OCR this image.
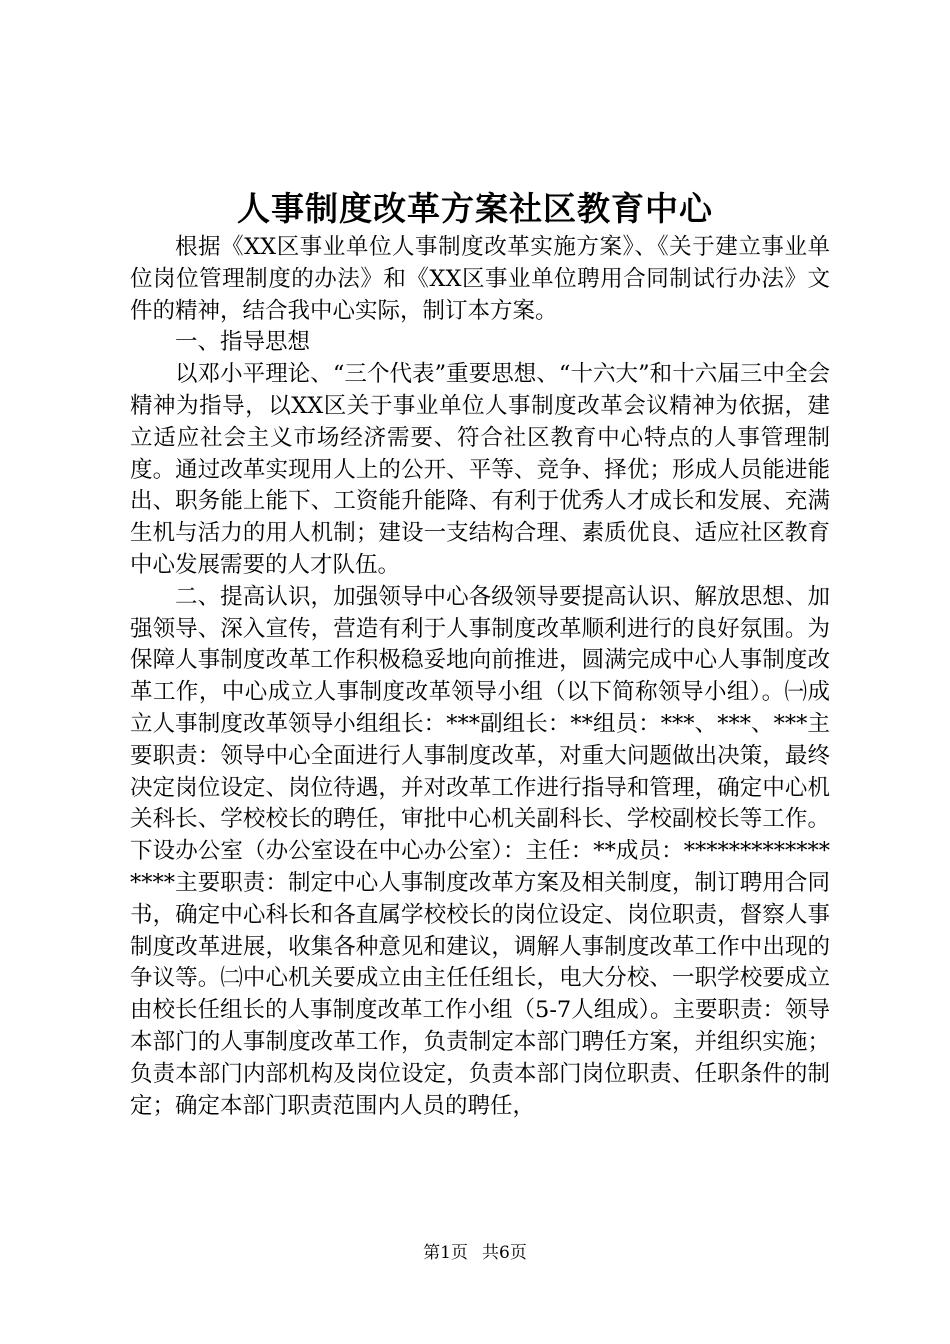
人事制度改革方案社区教育中心

根据《XX区事业单位人事制度改革实施方案》、《关于建立事业单位岗位管理制度的办法》和《XX区事业单位聘用合同制试行办法》文件的精神，结合我中心实际，制订本方案。

一、指导思想

以邓小平理论、“三个代表”重要思想、“十六大”和十六届三中全会精神为指导，以XX区关于事业单位人事制度改革会议精神为依据，建立适应社会主义市场经济需要、符合社区教育中心特点的人事管理制度。通过改革实现用人上的公开、平等、竞争、择优；形成人员能进能出、职务能上能下、工资能升能降、有利于优秀人才成长和发展、充满生机与活力的用人机制；建设一支结构合理、素质优良、适应社区教育中心发展需要的人才队伍。

二、提高认识，加强领导中心各级领导要提高认识、解放思想、加强领导、深入宣传，营造有利于人事制度改革顺利进行的良好氛围。为保障人事制度改革工作积极稳妥地向前推进，圆满完成中心人事制度改革工作，中心成立人事制度改革领导小组（以下简称领导小组）。㈠成立人事制度改革领导小组组长：***副组长：**组员：***、***、***主要职责：领导中心全面进行人事制度改革，对重大问题做出决策，最终决定岗位设定、岗位待遇，并对改革工作进行指导和管理，确定中心机关科长、学校校长的聘任，审批中心机关副科长、学校副校长等工作。下设办公室（办公室设在中心办公室）：主任：**成员：*****************主要职责：制定中心人事制度改革方案及相关制度，制订聘用合同书，确定中心科长和各直属学校校长的岗位设定、岗位职责，督察人事制度改革进展，收集各种意见和建议，调解人事制度改革工作中出现的争议等。㈡中心机关要成立由主任任组长，电大分校、一职学校要成立由校长任组长的人事制度改革工作小组（5-7人组成）。主要职责：领导本部门的人事制度改革工作，负责制定本部门聘任方案，并组织实施；负责本部门内部机构及岗位设定，负责本部门岗位职责、任职条件的制定；确定本部门职责范围内人员的聘任，

第1页 共6页
